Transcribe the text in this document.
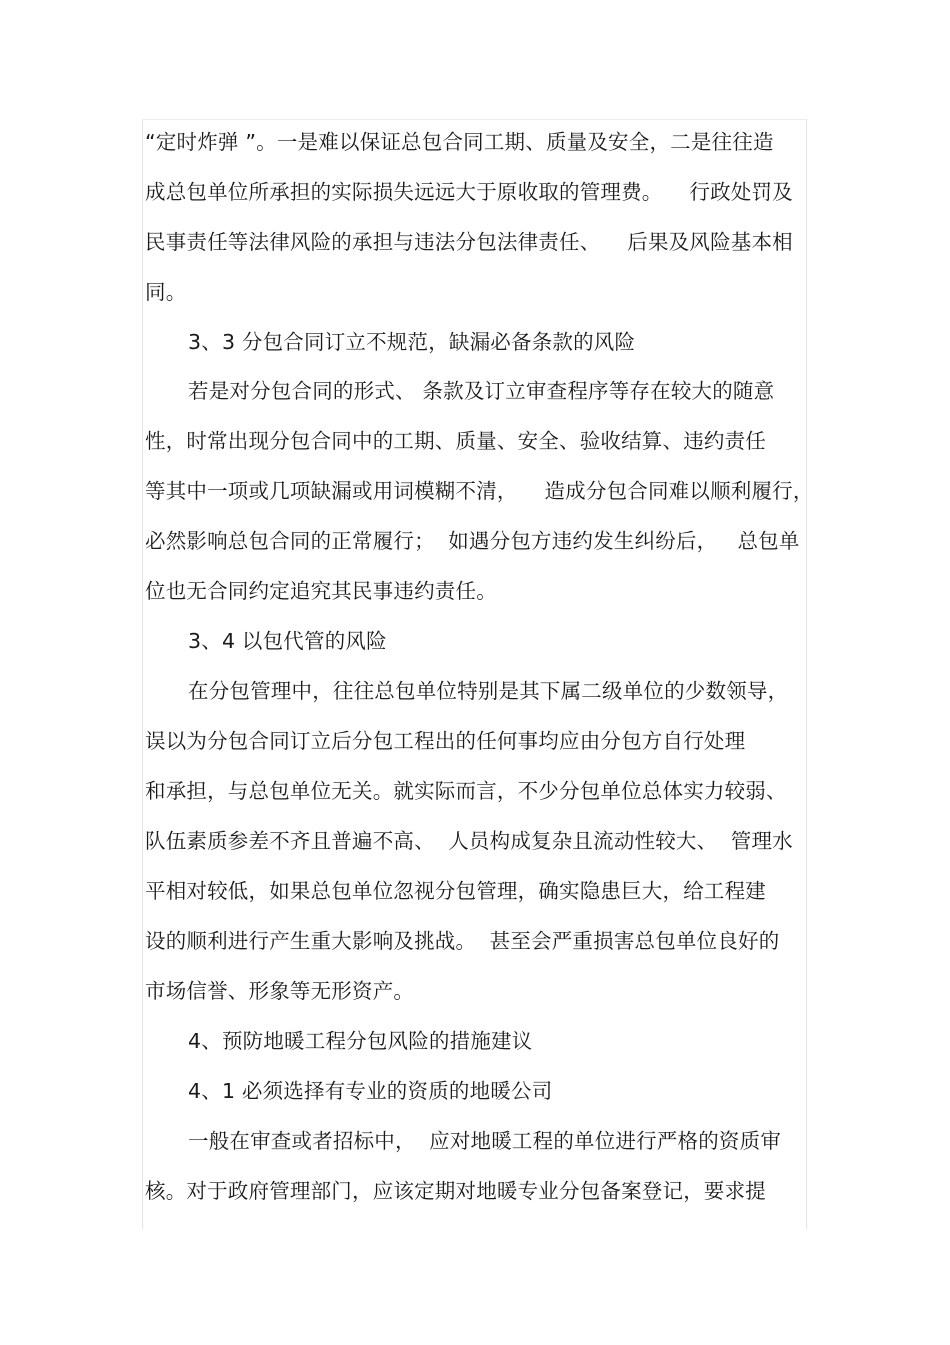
“定时炸弹 ”。一是难以保证总包合同工期、质量及安全，二是往往造
成总包单位所承担的实际损失远远大于原收取的管理费。    行政处罚及
民事责任等法律风险的承担与违法分包法律责任、    后果及风险基本相
同。
3、3 分包合同订立不规范，缺漏必备条款的风险
若是对分包合同的形式、 条款及订立审查程序等存在较大的随意
性，时常出现分包合同中的工期、质量、安全、验收结算、违约责任
等其中一项或几项缺漏或用词模糊不清，    造成分包合同难以顺利履行，
必然影响总包合同的正常履行；  如遇分包方违约发生纠纷后，   总包单
位也无合同约定追究其民事违约责任。
3、4 以包代管的风险
在分包管理中，往往总包单位特别是其下属二级单位的少数领导，
误以为分包合同订立后分包工程出的任何事均应由分包方自行处理
和承担，与总包单位无关。就实际而言，不少分包单位总体实力较弱、
队伍素质参差不齐且普遍不高、  人员构成复杂且流动性较大、  管理水
平相对较低，如果总包单位忽视分包管理，确实隐患巨大，给工程建
设的顺利进行产生重大影响及挑战。  甚至会严重损害总包单位良好的
市场信誉、形象等无形资产。
4、预防地暖工程分包风险的措施建议
4、1 必须选择有专业的资质的地暖公司
一般在审查或者招标中，  应对地暖工程的单位进行严格的资质审
核。对于政府管理部门，应该定期对地暖专业分包备案登记，要求提
